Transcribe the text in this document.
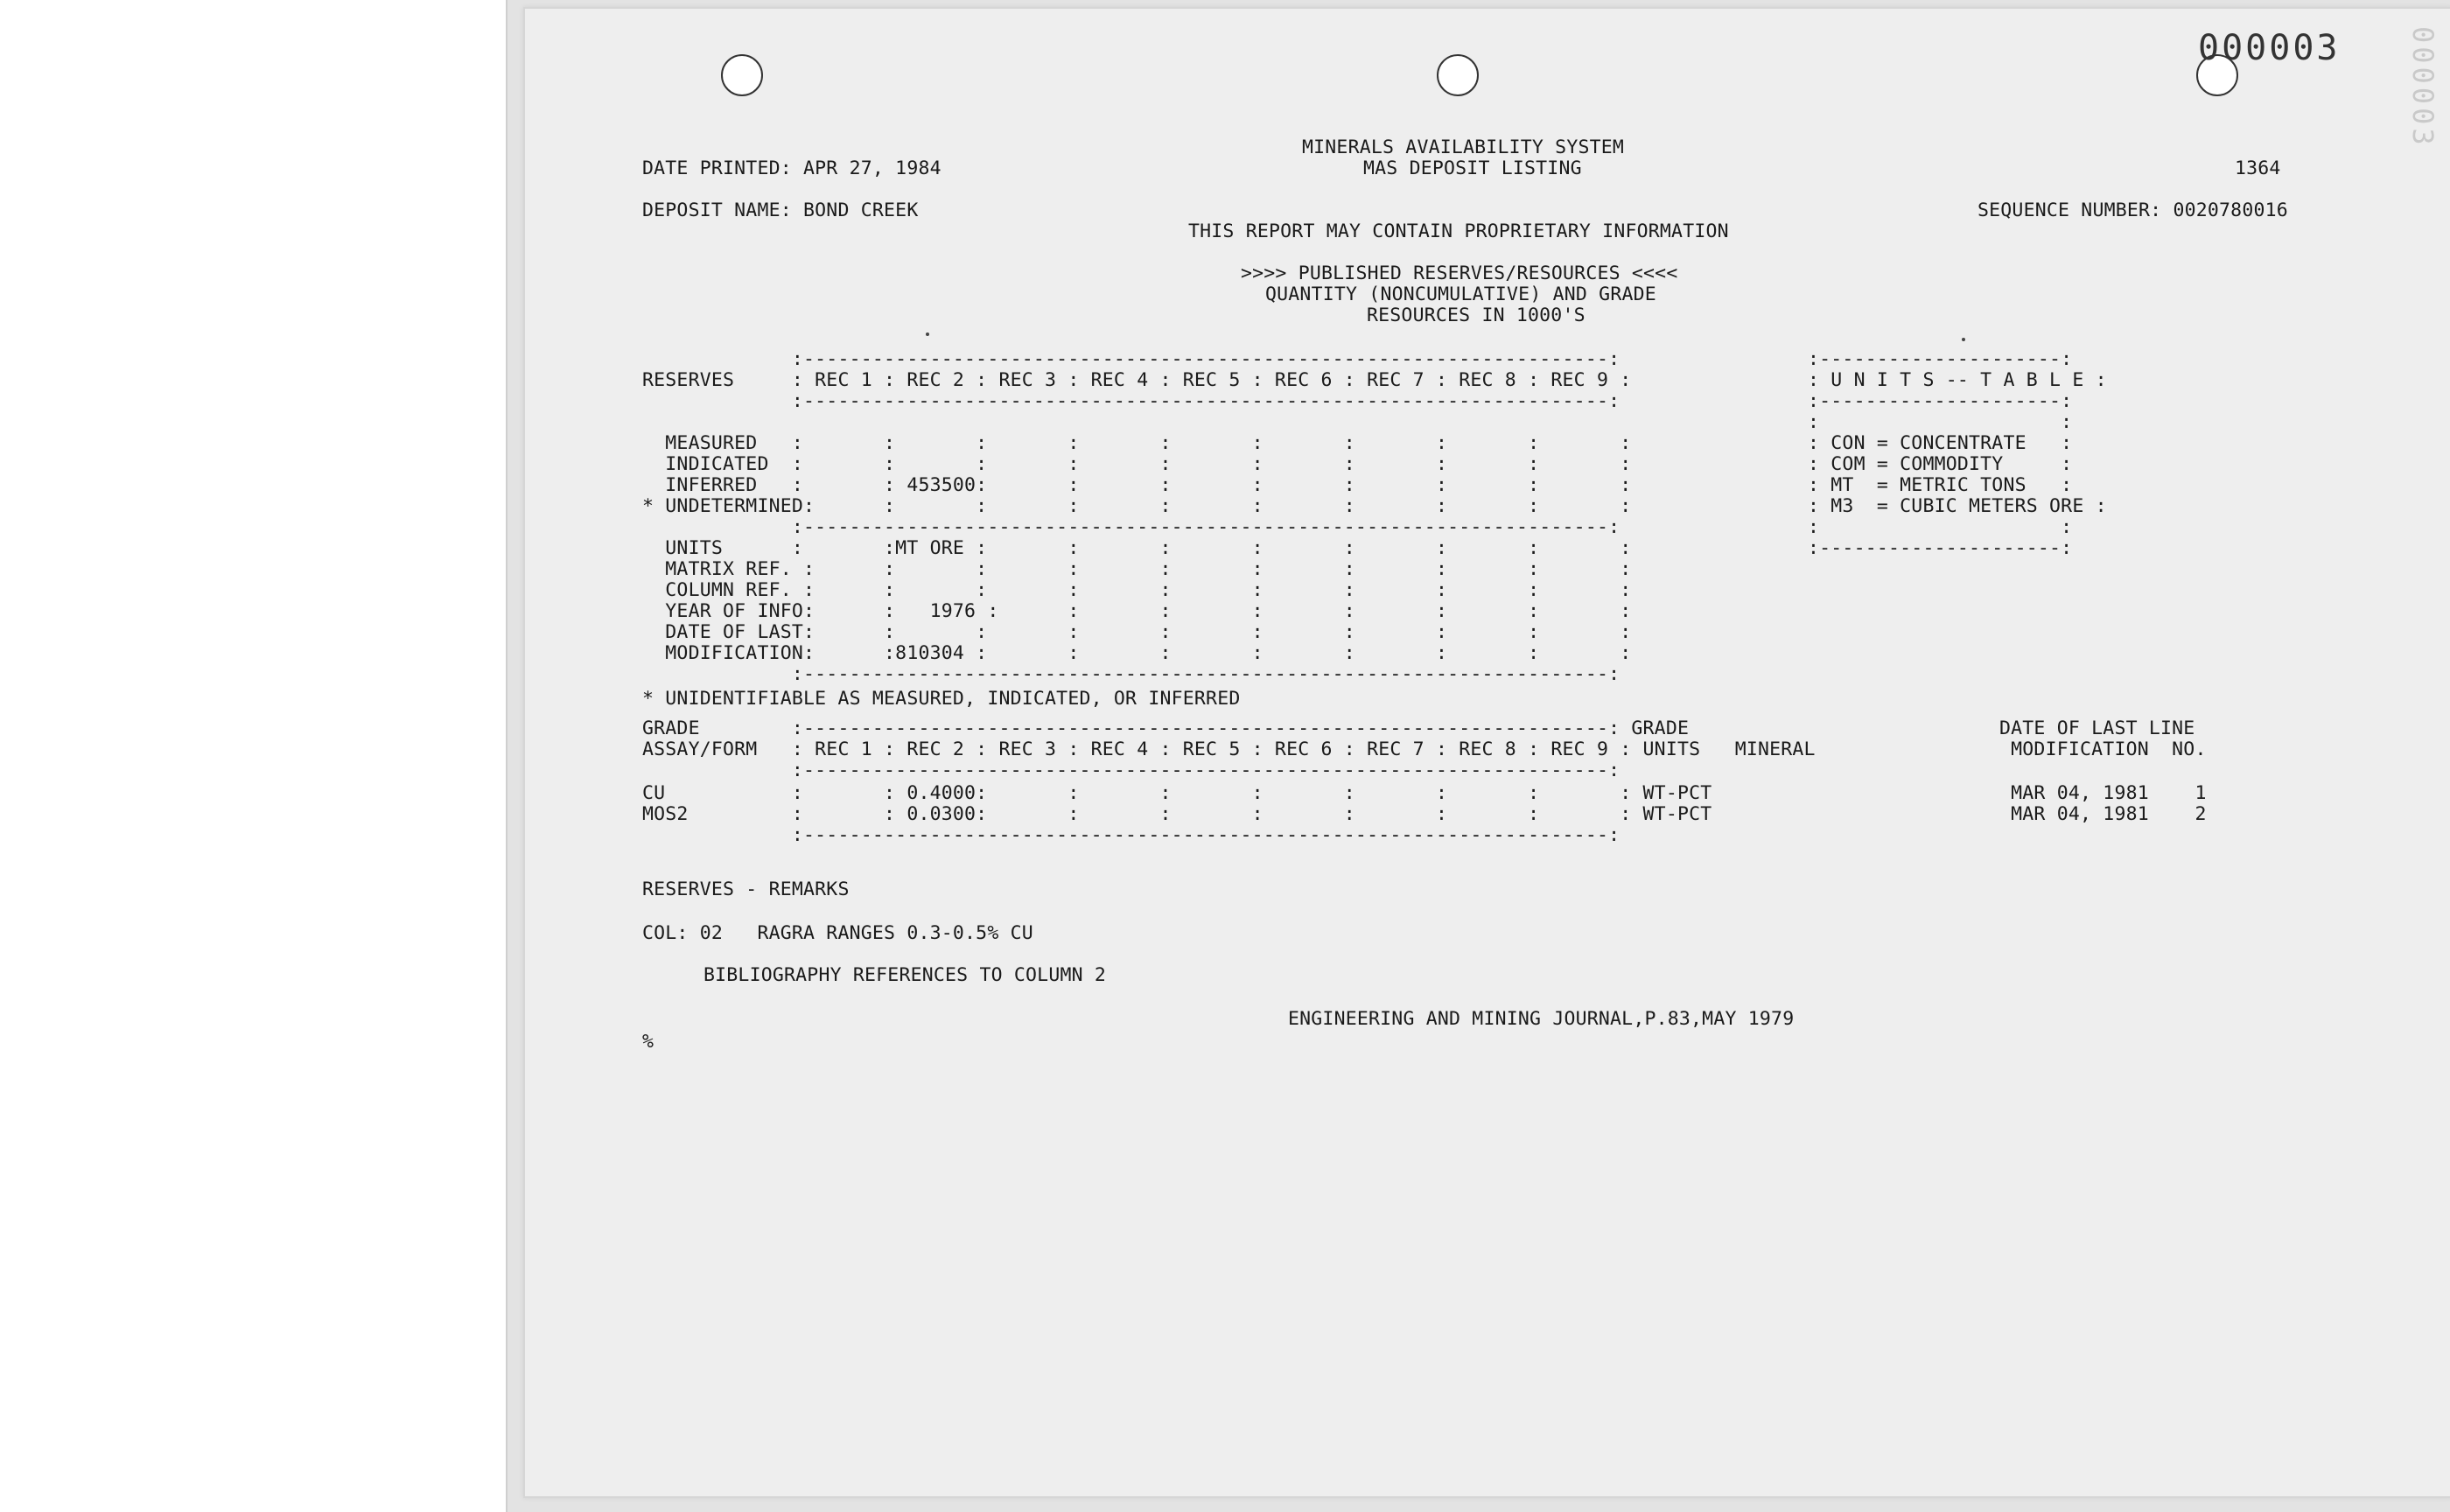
000003 000003
MINERALS AVAILABILITY SYSTEM
MAS DEPOSIT LISTING
DATE PRINTED: APR 27, 1984	1364
DEPOSIT NAME: BOND CREEK	SEQUENCE NUMBER: 0020780016
THIS REPORT MAY CONTAIN PROPRIETARY INFORMATION
>>>> PUBLISHED RESERVES/RESOURCES <<<<
QUANTITY (NONCUMULATIVE) AND GRADE
RESOURCES IN 1000'S
:----------------------------------------------------------------------:
RESERVES     : REC 1 : REC 2 : REC 3 : REC 4 : REC 5 : REC 6 : REC 7 : REC 8 : REC 9 :
:----------------------------------------------------------------------:
MEASURED   :       :       :       :       :       :       :       :       :       :
INDICATED  :       :       :       :       :       :       :       :       :       :
INFERRED   :       : 453500:       :       :       :       :       :       :       :
* UNDETERMINED:      :       :       :       :       :       :       :       :       :
:----------------------------------------------------------------------:
UNITS      :       :MT ORE :       :       :       :       :       :       :       :
MATRIX REF. :      :       :       :       :       :       :       :       :       :
COLUMN REF. :      :       :       :       :       :       :       :       :       :
YEAR OF INFO:      :   1976 :      :       :       :       :       :       :       :
DATE OF LAST:      :       :       :       :       :       :       :       :       :
MODIFICATION:      :810304 :       :       :       :       :       :       :       :
:----------------------------------------------------------------------:
* UNIDENTIFIABLE AS MEASURED, INDICATED, OR INFERRED
:---------------------:
: U N I T S -- T A B L E :
:---------------------:
:                     :
: CON = CONCENTRATE   :
: COM = COMMODITY     :
: MT  = METRIC TONS   :
: M3  = CUBIC METERS ORE :
:                     :
:---------------------:
GRADE        :----------------------------------------------------------------------: GRADE                           DATE OF LAST LINE
ASSAY/FORM   : REC 1 : REC 2 : REC 3 : REC 4 : REC 5 : REC 6 : REC 7 : REC 8 : REC 9 : UNITS   MINERAL                 MODIFICATION  NO.
:----------------------------------------------------------------------:
CU           :       : 0.4000:       :       :       :       :       :       :       : WT-PCT                          MAR 04, 1981    1
MOS2         :       : 0.0300:       :       :       :       :       :       :       : WT-PCT                          MAR 04, 1981    2
:----------------------------------------------------------------------:
RESERVES - REMARKS
COL: 02   RAGRA RANGES 0.3-0.5% CU
BIBLIOGRAPHY REFERENCES TO COLUMN 2
ENGINEERING AND MINING JOURNAL,P.83,MAY 1979
%
